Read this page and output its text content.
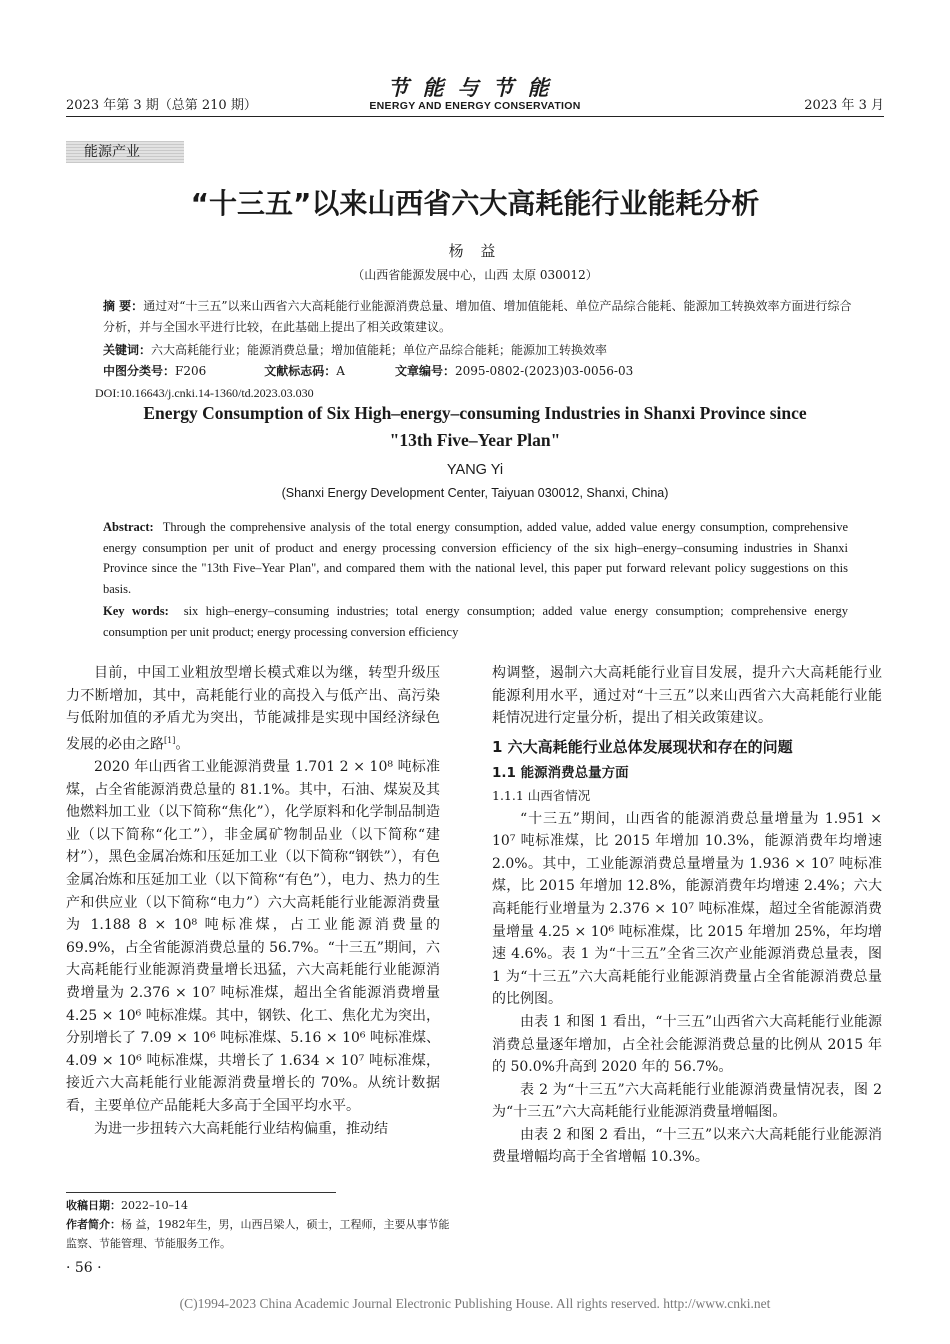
2023 年第 3 期（总第 210 期）
节能与节能
ENERGY AND ENERGY CONSERVATION	2023 年 3 月
能源产业
“十三五”以来山西省六大高耗能行业能耗分析
杨 益
（山西省能源发展中心，山西 太原 030012）
摘 要：通过对“十三五”以来山西省六大高耗能行业能源消费总量、增加值、增加值能耗、单位产品综合能耗、能源加工转换效率方面进行综合分析，并与全国水平进行比较，在此基础上提出了相关政策建议。
关键词：六大高耗能行业；能源消费总量；增加值能耗；单位产品综合能耗；能源加工转换效率
中图分类号：F206	文献标志码：A	文章编号：2095-0802-(2023)03-0056-03
DOI:10.16643/j.cnki.14-1360/td.2023.03.030
Energy Consumption of Six High–energy–consuming Industries in Shanxi Province since
"13th Five–Year Plan"
YANG Yi
(Shanxi Energy Development Center, Taiyuan 030012, Shanxi, China)
Abstract: Through the comprehensive analysis of the total energy consumption, added value, added value energy consumption, comprehensive energy consumption per unit of product and energy processing conversion efficiency of the six high–energy–consuming industries in Shanxi Province since the "13th Five–Year Plan", and compared them with the national level, this paper put forward relevant policy suggestions on this basis.
Key words: six high–energy–consuming industries; total energy consumption; added value energy consumption; comprehensive energy consumption per unit product; energy processing conversion efficiency

目前，中国工业粗放型增长模式难以为继，转型升级压力不断增加，其中，高耗能行业的高投入与低产出、高污染与低附加值的矛盾尤为突出，节能减排是实现中国经济绿色发展的必由之路[1]。

2020 年山西省工业能源消费量 1.701 2 × 10⁸ 吨标准煤，占全省能源消费总量的 81.1%。其中，石油、煤炭及其他燃料加工业（以下简称“焦化”），化学原料和化学制品制造业（以下简称“化工”），非金属矿物制品业（以下简称“建材”），黑色金属冶炼和压延加工业（以下简称“钢铁”），有色金属冶炼和压延加工业（以下简称“有色”），电力、热力的生产和供应业（以下简称“电力”）六大高耗能行业能源消费量为 1.188 8 × 10⁸ 吨标准煤，占工业能源消费量的 69.9%，占全省能源消费总量的 56.7%。“十三五”期间，六大高耗能行业能源消费量增长迅猛，六大高耗能行业能源消费增量为 2.376 × 10⁷ 吨标准煤，超出全省能源消费增量 4.25 × 10⁶ 吨标准煤。其中，钢铁、化工、焦化尤为突出，分别增长了 7.09 × 10⁶ 吨标准煤、5.16 × 10⁶ 吨标准煤、4.09 × 10⁶ 吨标准煤，共增长了 1.634 × 10⁷ 吨标准煤，接近六大高耗能行业能源消费量增长的 70%。从统计数据看，主要单位产品能耗大多高于全国平均水平。

为进一步扭转六大高耗能行业结构偏重，推动结

构调整，遏制六大高耗能行业盲目发展，提升六大高耗能行业能源利用水平，通过对“十三五”以来山西省六大高耗能行业能耗情况进行定量分析，提出了相关政策建议。

1 六大高耗能行业总体发展现状和存在的问题
1.1 能源消费总量方面
1.1.1 山西省情况

“十三五”期间，山西省的能源消费总量增量为 1.951 × 10⁷ 吨标准煤，比 2015 年增加 10.3%，能源消费年均增速 2.0%。其中，工业能源消费总量增量为 1.936 × 10⁷ 吨标准煤，比 2015 年增加 12.8%，能源消费年均增速 2.4%；六大高耗能行业增量为 2.376 × 10⁷ 吨标准煤，超过全省能源消费量增量 4.25 × 10⁶ 吨标准煤，比 2015 年增加 25%，年均增速 4.6%。表 1 为“十三五”全省三次产业能源消费总量表，图 1 为“十三五”六大高耗能行业能源消费量占全省能源消费总量的比例图。

由表 1 和图 1 看出，“十三五”山西省六大高耗能行业能源消费总量逐年增加，占全社会能源消费总量的比例从 2015 年的 50.0%升高到 2020 年的 56.7%。

表 2 为“十三五”六大高耗能行业能源消费量情况表，图 2 为“十三五”六大高耗能行业能源消费量增幅图。

由表 2 和图 2 看出，“十三五”以来六大高耗能行业能源消费量增幅均高于全省增幅 10.3%。

收稿日期：2022–10–14
作者简介：杨 益，1982年生，男，山西吕梁人，硕士，工程师，主要从事节能监察、节能管理、节能服务工作。
· 56 ·
(C)1994-2023 China Academic Journal Electronic Publishing House. All rights reserved. http://www.cnki.net
